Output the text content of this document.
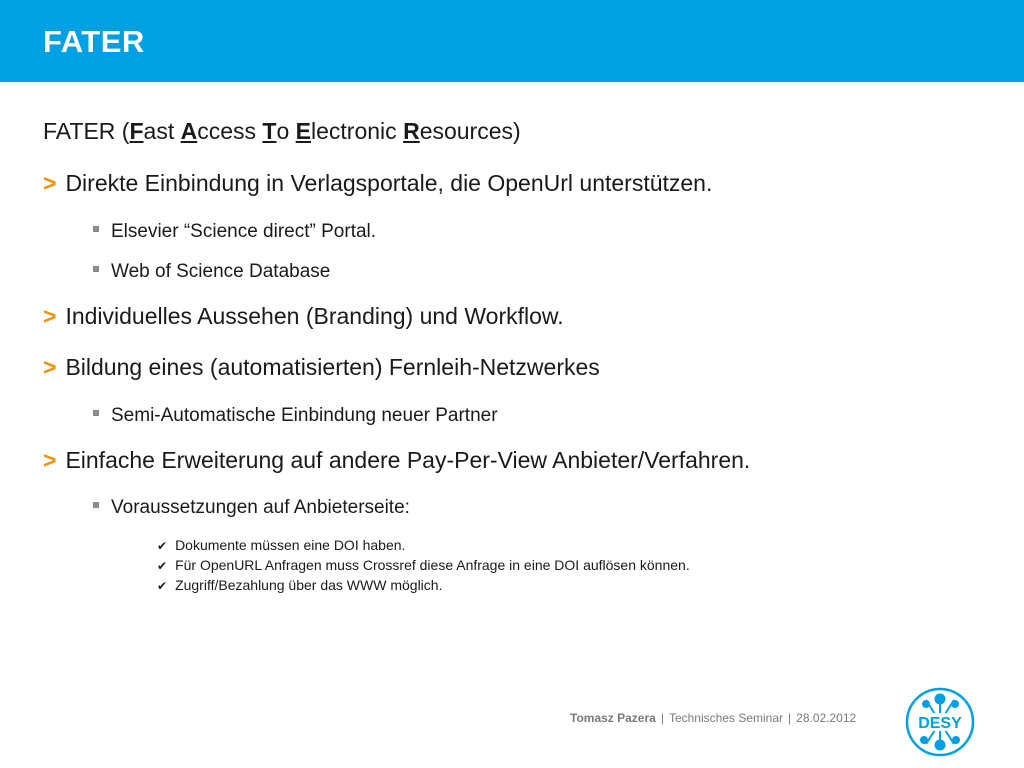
FATER
FATER (Fast Access To Electronic Resources)
> Direkte Einbindung in Verlagsportale, die OpenUrl unterstützen.
Elsevier “Science direct” Portal.
Web of Science Database
> Individuelles Aussehen (Branding) und Workflow.
> Bildung eines (automatisierten) Fernleih-Netzwerkes
Semi-Automatische Einbindung neuer Partner
> Einfache Erweiterung auf andere Pay-Per-View Anbieter/Verfahren.
Voraussetzungen auf Anbieterseite:
✔ Dokumente müssen eine DOI haben.
✔ Für OpenURL Anfragen muss Crossref diese Anfrage in eine DOI auflösen können.
✔ Zugriff/Bezahlung über das WWW möglich.
Tomasz Pazera | Technisches Seminar | 28.02.2012	DESY
